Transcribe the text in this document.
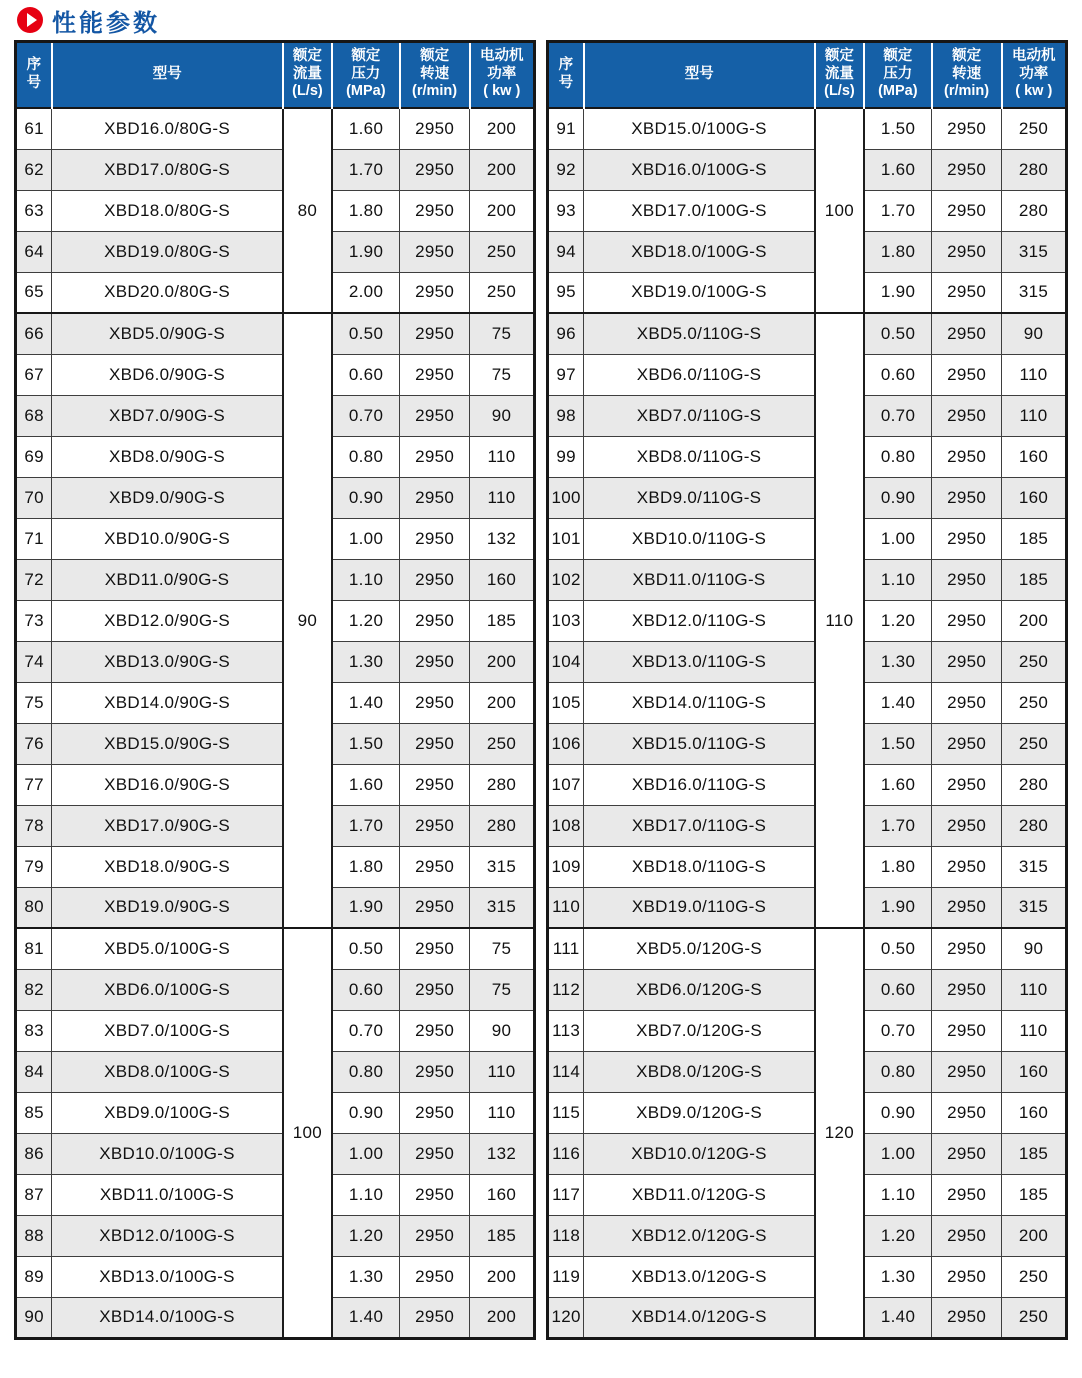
性能参数
序
号	型号	额定
流量
(L/s)	额定
压力
(MPa)	额定
转速
(r/min)	电动机
功率
( kw )
61	XBD16.0/80G-S	80	1.60	2950	200
62	XBD17.0/80G-S		1.70	2950	200
63	XBD18.0/80G-S		1.80	2950	200
64	XBD19.0/80G-S		1.90	2950	250
65	XBD20.0/80G-S		2.00	2950	250
66	XBD5.0/90G-S	90	0.50	2950	75
67	XBD6.0/90G-S		0.60	2950	75
68	XBD7.0/90G-S		0.70	2950	90
69	XBD8.0/90G-S		0.80	2950	110
70	XBD9.0/90G-S		0.90	2950	110
71	XBD10.0/90G-S		1.00	2950	132
72	XBD11.0/90G-S		1.10	2950	160
73	XBD12.0/90G-S		1.20	2950	185
74	XBD13.0/90G-S		1.30	2950	200
75	XBD14.0/90G-S		1.40	2950	200
76	XBD15.0/90G-S		1.50	2950	250
77	XBD16.0/90G-S		1.60	2950	280
78	XBD17.0/90G-S		1.70	2950	280
79	XBD18.0/90G-S		1.80	2950	315
80	XBD19.0/90G-S		1.90	2950	315
81	XBD5.0/100G-S	100	0.50	2950	75
82	XBD6.0/100G-S		0.60	2950	75
83	XBD7.0/100G-S		0.70	2950	90
84	XBD8.0/100G-S		0.80	2950	110
85	XBD9.0/100G-S		0.90	2950	110
86	XBD10.0/100G-S		1.00	2950	132
87	XBD11.0/100G-S		1.10	2950	160
88	XBD12.0/100G-S		1.20	2950	185
89	XBD13.0/100G-S		1.30	2950	200
90	XBD14.0/100G-S		1.40	2950	200
序
号	型号	额定
流量
(L/s)	额定
压力
(MPa)	额定
转速
(r/min)	电动机
功率
( kw )
91	XBD15.0/100G-S	100	1.50	2950	250
92	XBD16.0/100G-S		1.60	2950	280
93	XBD17.0/100G-S		1.70	2950	280
94	XBD18.0/100G-S		1.80	2950	315
95	XBD19.0/100G-S		1.90	2950	315
96	XBD5.0/110G-S	110	0.50	2950	90
97	XBD6.0/110G-S		0.60	2950	110
98	XBD7.0/110G-S		0.70	2950	110
99	XBD8.0/110G-S		0.80	2950	160
100	XBD9.0/110G-S		0.90	2950	160
101	XBD10.0/110G-S		1.00	2950	185
102	XBD11.0/110G-S		1.10	2950	185
103	XBD12.0/110G-S		1.20	2950	200
104	XBD13.0/110G-S		1.30	2950	250
105	XBD14.0/110G-S		1.40	2950	250
106	XBD15.0/110G-S		1.50	2950	250
107	XBD16.0/110G-S		1.60	2950	280
108	XBD17.0/110G-S		1.70	2950	280
109	XBD18.0/110G-S		1.80	2950	315
110	XBD19.0/110G-S		1.90	2950	315
111	XBD5.0/120G-S	120	0.50	2950	90
112	XBD6.0/120G-S		0.60	2950	110
113	XBD7.0/120G-S		0.70	2950	110
114	XBD8.0/120G-S		0.80	2950	160
115	XBD9.0/120G-S		0.90	2950	160
116	XBD10.0/120G-S		1.00	2950	185
117	XBD11.0/120G-S		1.10	2950	185
118	XBD12.0/120G-S		1.20	2950	200
119	XBD13.0/120G-S		1.30	2950	250
120	XBD14.0/120G-S		1.40	2950	250
